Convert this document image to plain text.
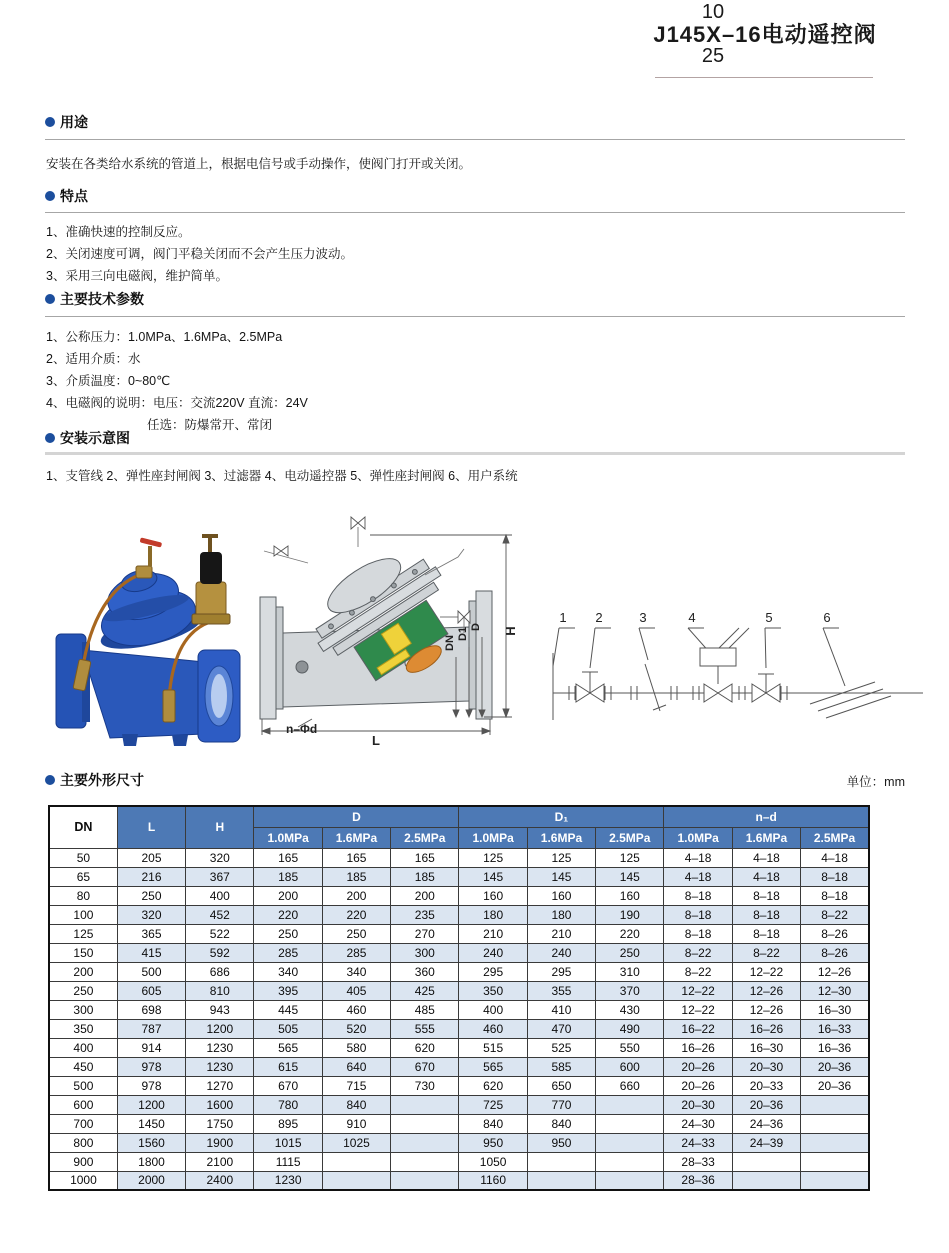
10
J145X–16电动遥控阀
25
用途
安装在各类给水系统的管道上，根据电信号或手动操作，使阀门打开或关闭。
特点
1、准确快速的控制反应。
2、关闭速度可调，阀门平稳关闭而不会产生压力波动。
3、采用三向电磁阀，维护简单。
主要技术参数
1、公称压力：1.0MPa、1.6MPa、2.5MPa
2、适用介质：水
3、介质温度：0~80℃
4、电磁阀的说明：电压：交流220V 直流：24V
任选：防爆常开、常闭
安装示意图
1、支管线 2、弹性座封闸阀 3、过滤器 4、电动遥控器 5、弹性座封闸阀 6、用户系统
H
DN
D1 D
L
n–Φd
1 2	3	4	5	6
主要外形尺寸	单位：mm
DN	L	H	D			D₁			n–d		
			1.0MPa	1.6MPa	2.5MPa	1.0MPa	1.6MPa	2.5MPa	1.0MPa	1.6MPa	2.5MPa
50	205	320	165	165	165	125	125	125	4–18	4–18	4–18
65	216	367	185	185	185	145	145	145	4–18	4–18	8–18
80	250	400	200	200	200	160	160	160	8–18	8–18	8–18
100	320	452	220	220	235	180	180	190	8–18	8–18	8–22
125	365	522	250	250	270	210	210	220	8–18	8–18	8–26
150	415	592	285	285	300	240	240	250	8–22	8–22	8–26
200	500	686	340	340	360	295	295	310	8–22	12–22	12–26
250	605	810	395	405	425	350	355	370	12–22	12–26	12–30
300	698	943	445	460	485	400	410	430	12–22	12–26	16–30
350	787	1200	505	520	555	460	470	490	16–22	16–26	16–33
400	914	1230	565	580	620	515	525	550	16–26	16–30	16–36
450	978	1230	615	640	670	565	585	600	20–26	20–30	20–36
500	978	1270	670	715	730	620	650	660	20–26	20–33	20–36
600	1200	1600	780	840		725	770		20–30	20–36	
700	1450	1750	895	910		840	840		24–30	24–36	
800	1560	1900	1015	1025		950	950		24–33	24–39	
900	1800	2100	1115			1050			28–33		
1000	2000	2400	1230			1160			28–36		
